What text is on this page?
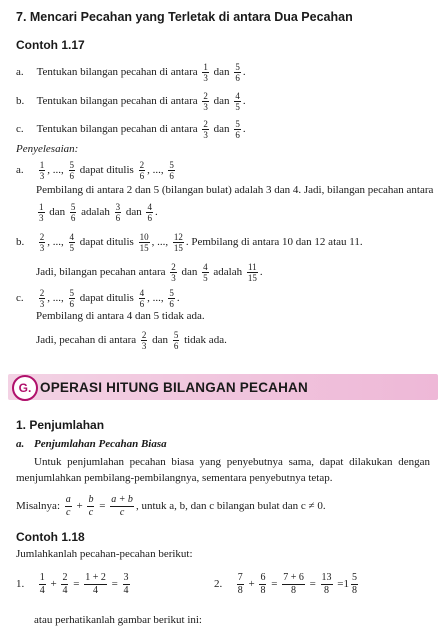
7. Mencari Pecahan yang Terletak di antara Dua Pecahan
Contoh 1.17
a. Tentukan bilangan pecahan di antara $\frac{1}{3}$ dan $\frac{5}{6}$ .
b. Tentukan bilangan pecahan di antara $\frac{2}{3}$ dan $\frac{4}{5}$ .
c. Tentukan bilangan pecahan di antara $\frac{2}{3}$ dan $\frac{5}{6}$ .
Penyelesaian:
a. $\frac{1}{3}$ , ..., $\frac{5}{6}$ dapat ditulis $\frac{2}{6}$ , ..., $\frac{5}{6}$
Pembilang di antara 2 dan 5 (bilangan bulat) adalah 3 dan 4. Jadi, bilangan pecahan antara
$\frac{1}{3}$ dan $\frac{5}{6}$ adalah $\frac{3}{6}$ dan $\frac{4}{6}$ .
b. $\frac{2}{3}$ , ..., $\frac{4}{5}$ dapat ditulis $\frac{10}{15}$ , ..., $\frac{12}{15}$ . Pembilang di antara 10 dan 12 atau 11.
Jadi, bilangan pecahan antara $\frac{2}{3}$ dan $\frac{4}{5}$ adalah $\frac{11}{15}$ .
c. $\frac{2}{3}$ , ..., $\frac{5}{6}$ dapat ditulis $\frac{4}{6}$ , ..., $\frac{5}{6}$ .
Pembilang di antara 4 dan 5 tidak ada.
Jadi, pecahan di antara $\frac{2}{3}$ dan $\frac{5}{6}$ tidak ada.
G. OPERASI HITUNG BILANGAN PECAHAN
1. Penjumlahan
a. Penjumlahan Pecahan Biasa
Untuk penjumlahan pecahan biasa yang penyebutnya sama, dapat dilakukan dengan menjumlahkan pembilang-pembilangnya, sementara penyebutnya tetap.
Misalnya: $\frac{a}{c} + \frac{b}{c} = \frac{a + b}{c}$ , untuk a, b, dan c bilangan bulat dan c ≠ 0.
Contoh 1.18
Jumlahkanlah pecahan-pecahan berikut:
1. $\frac{1}{4} + \frac{2}{4} = \frac{1 + 2}{4} = \frac{3}{4}$	2. $\frac{7}{8} + \frac{6}{8} = \frac{7 + 6}{8} = \frac{13}{8} =1 \frac{5}{8}$
atau perhatikanlah gambar berikut ini:
